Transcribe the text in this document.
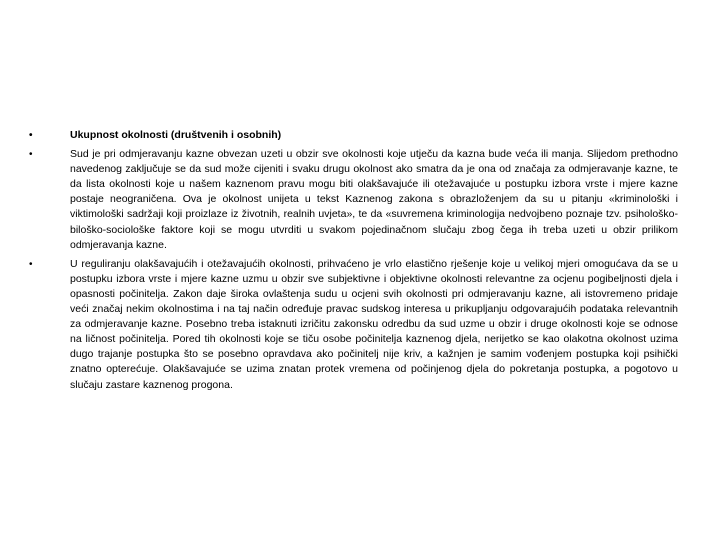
•	Ukupnost okolnosti (društvenih i osobnih)
•	Sud je pri odmjeravanju kazne obvezan uzeti u obzir sve okolnosti koje utječu da kazna bude veća ili manja. Slijedom prethodno navedenog zaključuje se da sud može cijeniti i svaku drugu okolnost ako smatra da je ona od značaja za odmjeravanje kazne, te da lista okolnosti koje u našem kaznenom pravu mogu biti olakšavajuće ili otežavajuće u postupku izbora vrste i mjere kazne postaje neograničena. Ova je okolnost unijeta u tekst Kaznenog zakona s obrazloženjem da su u pitanju «kriminološki i viktimološki sadržaji koji proizlaze iz životnih, realnih uvjeta», te da «suvremena kriminologija nedvojbeno poznaje tzv. psihološko-biloško-sociološke faktore koji se mogu utvrditi u svakom pojedinačnom slučaju zbog čega ih treba uzeti u obzir prilikom odmjeravanja kazne.
•	U reguliranju olakšavajućih i otežavajućih okolnosti, prihvaćeno je vrlo elastično rješenje koje u velikoj mjeri omogućava da se u postupku izbora vrste i mjere kazne uzmu u obzir sve subjektivne i objektivne okolnosti relevantne za ocjenu pogibeljnosti djela i opasnosti počinitelja. Zakon daje široka ovlaštenja sudu u ocjeni svih okolnosti pri odmjeravanju kazne, ali istovremeno pridaje veći značaj nekim okolnostima i na taj način određuje pravac sudskog interesa u prikupljanju odgovarajućih podataka relevantnih za odmjeravanje kazne. Posebno treba istaknuti izričitu zakonsku odredbu da sud uzme u obzir i druge okolnosti koje se odnose na ličnost počinitelja. Pored tih okolnosti koje se tiču osobe počinitelja kaznenog djela, nerijetko se kao olakotna okolnost uzima dugo trajanje postupka što se posebno opravdava ako počinitelj nije kriv, a kažnjen je samim vođenjem postupka koji psihički znatno opterećuje. Olakšavajuće se uzima znatan protek vremena od počinjenog djela do pokretanja postupka, a pogotovo u slučaju zastare kaznenog progona.
